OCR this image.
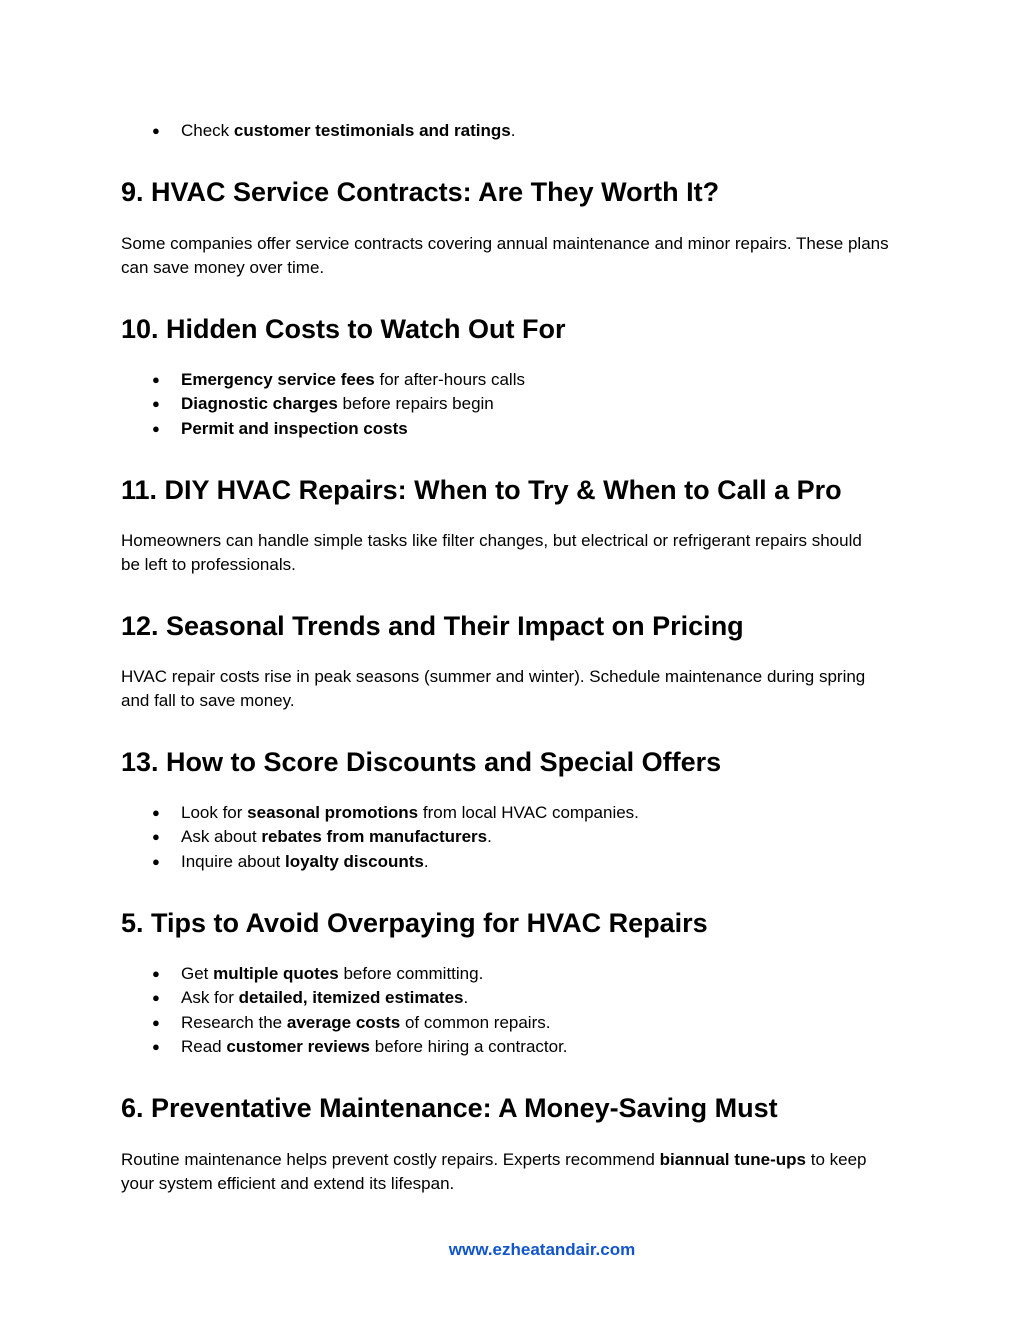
● Check customer testimonials and ratings.
9. HVAC Service Contracts: Are They Worth It?

Some companies offer service contracts covering annual maintenance and minor repairs. These plans can save money over time.

10. Hidden Costs to Watch Out For
● Emergency service fees for after-hours calls
● Diagnostic charges before repairs begin
● Permit and inspection costs
11. DIY HVAC Repairs: When to Try & When to Call a Pro

Homeowners can handle simple tasks like filter changes, but electrical or refrigerant repairs should be left to professionals.

12. Seasonal Trends and Their Impact on Pricing

HVAC repair costs rise in peak seasons (summer and winter). Schedule maintenance during spring and fall to save money.

13. How to Score Discounts and Special Offers
● Look for seasonal promotions from local HVAC companies.
● Ask about rebates from manufacturers.
● Inquire about loyalty discounts.
5. Tips to Avoid Overpaying for HVAC Repairs
● Get multiple quotes before committing.
● Ask for detailed, itemized estimates.
● Research the average costs of common repairs.
● Read customer reviews before hiring a contractor.
6. Preventative Maintenance: A Money-Saving Must

Routine maintenance helps prevent costly repairs. Experts recommend biannual tune-ups to keep your system efficient and extend its lifespan.

www.ezheatandair.com
